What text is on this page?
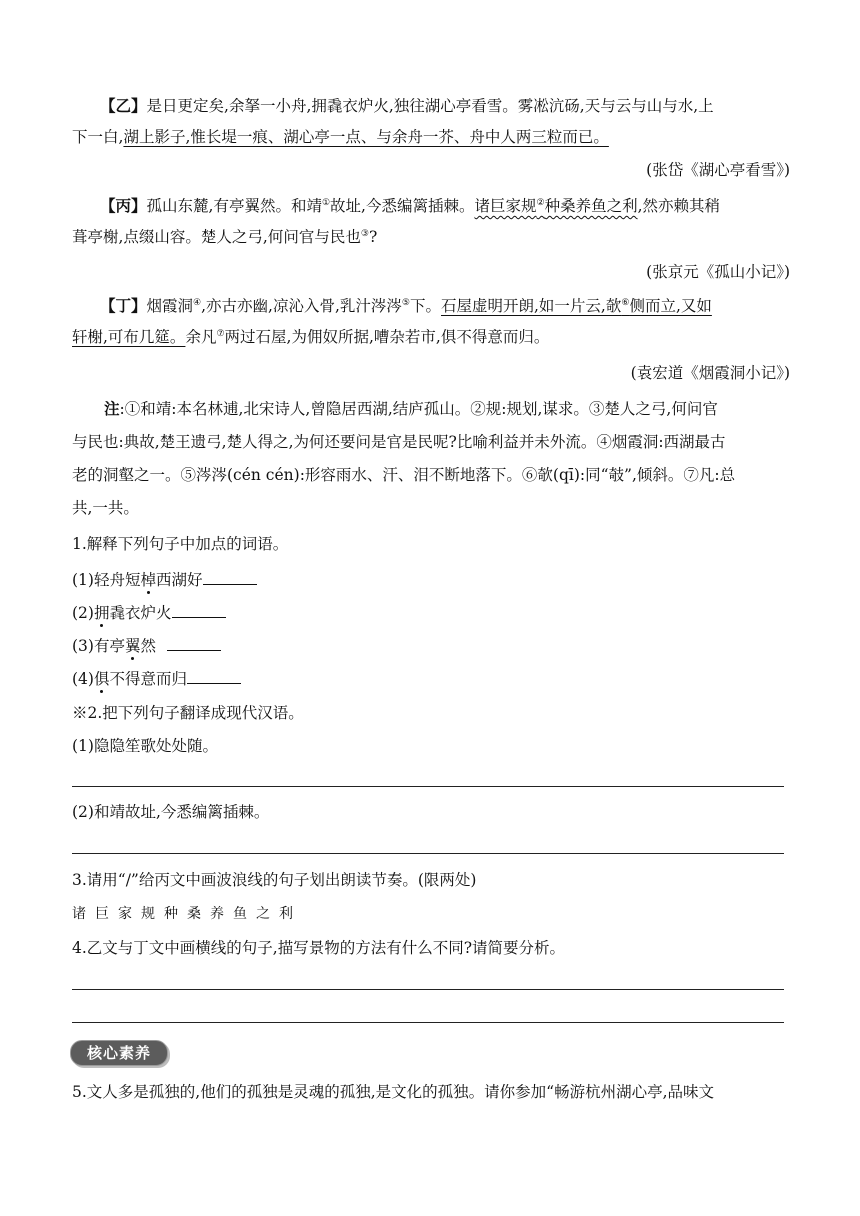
【乙】是日更定矣,余拏一小舟,拥毳衣炉火,独往湖心亭看雪。雾凇沆砀,天与云与山与水,上
下一白,湖上影子,惟长堤一痕、湖心亭一点、与余舟一芥、舟中人两三粒而已。
(张岱《湖心亭看雪》)
【丙】孤山东麓,有亭翼然。和靖①故址,今悉编篱插棘。诸巨家规②种桑养鱼之利,然亦赖其稍
葺亭榭,点缀山容。楚人之弓,何问官与民也③?
(张京元《孤山小记》)
【丁】烟霞洞④,亦古亦幽,凉沁入骨,乳汁涔涔⑤下。石屋虚明开朗,如一片云,欹⑥侧而立,又如
轩榭,可布几筵。余凡⑦两过石屋,为佣奴所据,嘈杂若市,俱不得意而归。
(袁宏道《烟霞洞小记》)
注:①和靖:本名林逋,北宋诗人,曾隐居西湖,结庐孤山。②规:规划,谋求。③楚人之弓,何问官
与民也:典故,楚王遗弓,楚人得之,为何还要问是官是民呢?比喻利益并未外流。④烟霞洞:西湖最古
老的洞壑之一。⑤涔涔(cén cén):形容雨水、汗、泪不断地落下。⑥欹(qī):同“攲”,倾斜。⑦凡:总
共,一共。
1.解释下列句子中加点的词语。
(1)轻舟短棹西湖好
(2)拥毳衣炉火
(3)有亭翼然
(4)俱不得意而归
※2.把下列句子翻译成现代汉语。
(1)隐隐笙歌处处随。
(2)和靖故址,今悉编篱插棘。
3.请用“/”给丙文中画波浪线的句子划出朗读节奏。(限两处)
诸巨家规种桑养鱼之利
4.乙文与丁文中画横线的句子,描写景物的方法有什么不同?请简要分析。
核心素养
5.文人多是孤独的,他们的孤独是灵魂的孤独,是文化的孤独。请你参加“畅游杭州湖心亭,品味文
